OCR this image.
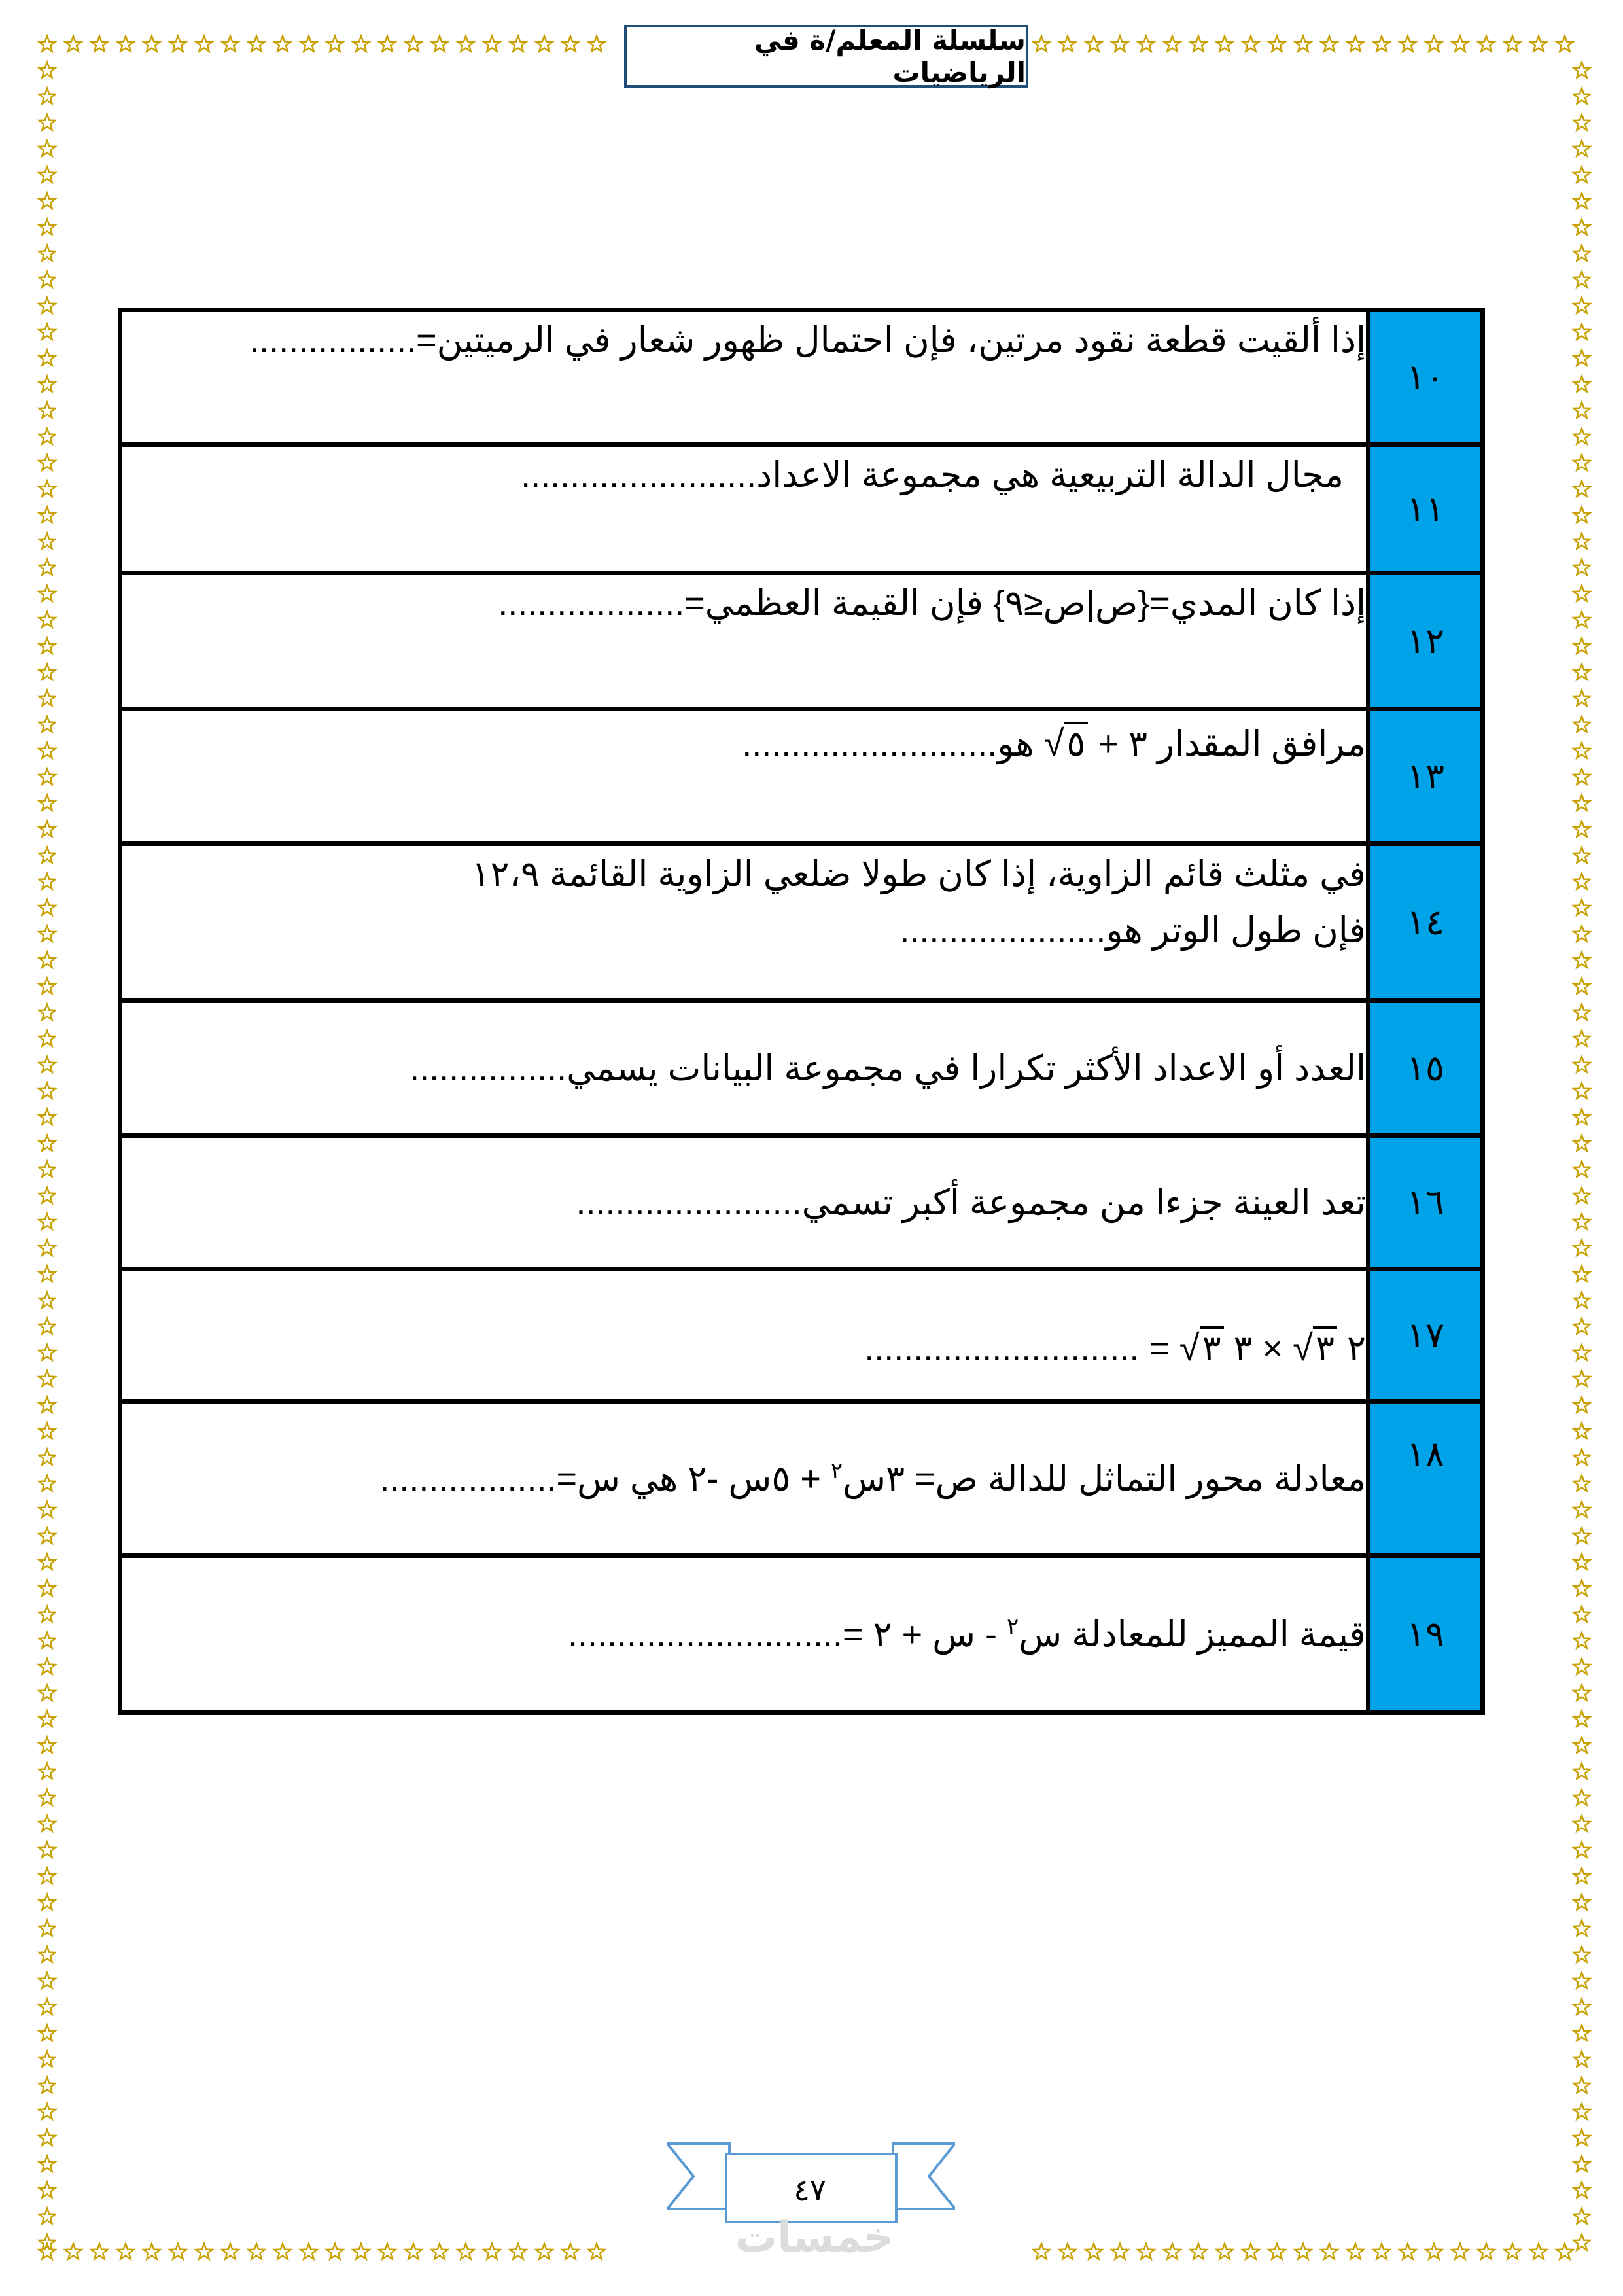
سلسلة المعلم/ة في الرياضيات
١٠	إذا ألقيت قطعة نقود مرتين، فإن احتمال ظهور شعار في الرميتين=.................

١١	مجال الدالة التربيعية هي مجموعة الاعداد........................

١٢	إذا كان المدي={ص|ص≤٩} فإن القيمة العظمي=...................

١٣	مرافق المقدار ٣ + √٥ هو..........................

١٤	في مثلث قائم الزاوية، إذا كان طولا ضلعي الزاوية القائمة ١٢،٩
فإن طول الوتر هو.....................

١٥	العدد أو الاعداد الأكثر تكرارا في مجموعة البيانات يسمي................

١٦	تعد العينة جزءا من مجموعة أكبر تسمي.......................

١٧	٢ √٣ × ٣ √٣ = ............................

١٨	معادلة محور التماثل للدالة ص= ٣س$^٢$ + ٥س -٢ هي س=..................

١٩	قيمة المميز للمعادلة س$^٢$ - س + ٢ =............................
٤٧
خمسات
